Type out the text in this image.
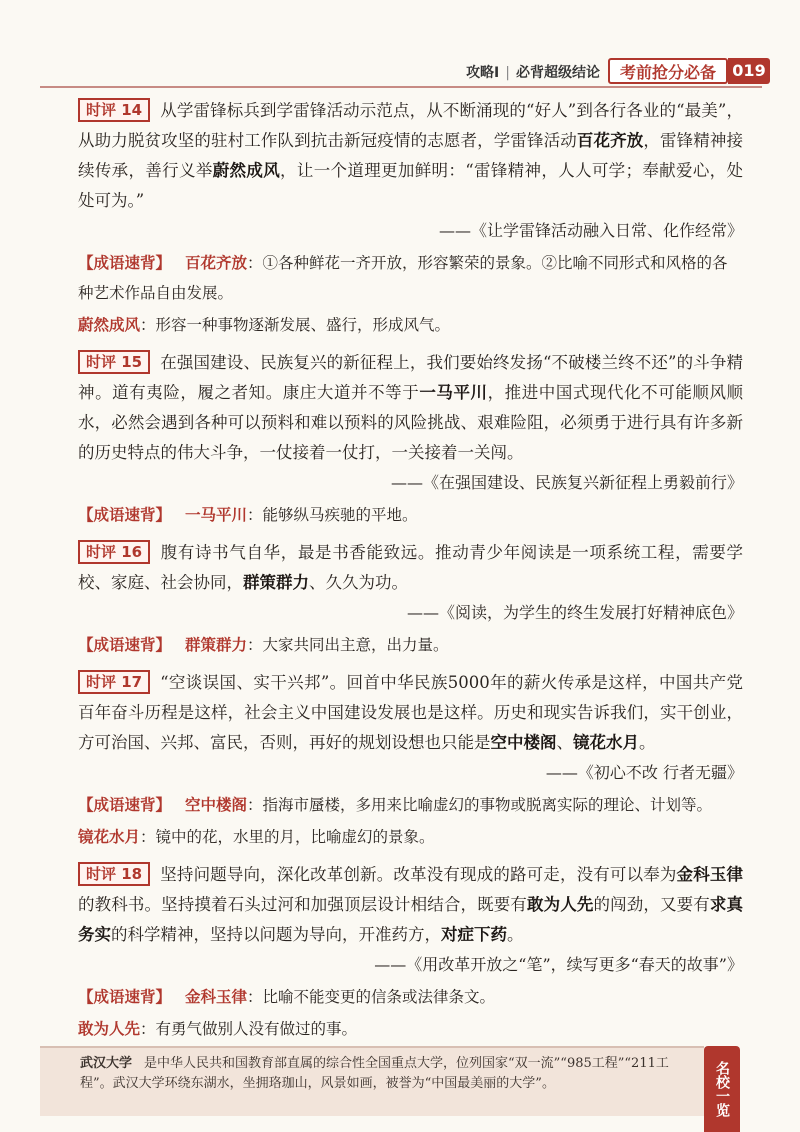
攻略Ⅰ | 必背超级结论	考前抢分必备	019

时评 14 从学雷锋标兵到学雷锋活动示范点，从不断涌现的“好人”到各行各业的“最美”，从助力脱贫攻坚的驻村工作队到抗击新冠疫情的志愿者，学雷锋活动百花齐放，雷锋精神接续传承，善行义举蔚然成风，让一个道理更加鲜明：“雷锋精神，人人可学；奉献爱心，处处可为。”

——《让学雷锋活动融入日常、化作经常》

【成语速背】 百花齐放：①各种鲜花一齐开放，形容繁荣的景象。②比喻不同形式和风格的各种艺术作品自由发展。

蔚然成风：形容一种事物逐渐发展、盛行，形成风气。

时评 15 在强国建设、民族复兴的新征程上，我们要始终发扬“不破楼兰终不还”的斗争精神。道有夷险，履之者知。康庄大道并不等于一马平川，推进中国式现代化不可能顺风顺水，必然会遇到各种可以预料和难以预料的风险挑战、艰难险阻，必须勇于进行具有许多新的历史特点的伟大斗争，一仗接着一仗打，一关接着一关闯。

——《在强国建设、民族复兴新征程上勇毅前行》

【成语速背】 一马平川：能够纵马疾驰的平地。

时评 16 腹有诗书气自华，最是书香能致远。推动青少年阅读是一项系统工程，需要学校、家庭、社会协同，群策群力、久久为功。

——《阅读，为学生的终生发展打好精神底色》

【成语速背】 群策群力：大家共同出主意，出力量。

时评 17 “空谈误国、实干兴邦”。回首中华民族5000年的薪火传承是这样，中国共产党百年奋斗历程是这样，社会主义中国建设发展也是这样。历史和现实告诉我们，实干创业，方可治国、兴邦、富民，否则，再好的规划设想也只能是空中楼阁、镜花水月。

——《初心不改 行者无疆》

【成语速背】 空中楼阁：指海市蜃楼，多用来比喻虚幻的事物或脱离实际的理论、计划等。

镜花水月：镜中的花，水里的月，比喻虚幻的景象。

时评 18 坚持问题导向，深化改革创新。改革没有现成的路可走，没有可以奉为金科玉律的教科书。坚持摸着石头过河和加强顶层设计相结合，既要有敢为人先的闯劲，又要有求真务实的科学精神，坚持以问题为导向，开准药方，对症下药。

——《用改革开放之“笔”，续写更多“春天的故事”》

【成语速背】 金科玉律：比喻不能变更的信条或法律条文。

敢为人先：有勇气做别人没有做过的事。

武汉大学 是中华人民共和国教育部直属的综合性全国重点大学，位列国家“双一流”“985工程”“211工程”。武汉大学环绕东湖水，坐拥珞珈山，风景如画，被誉为“中国最美丽的大学”。	名校一览
